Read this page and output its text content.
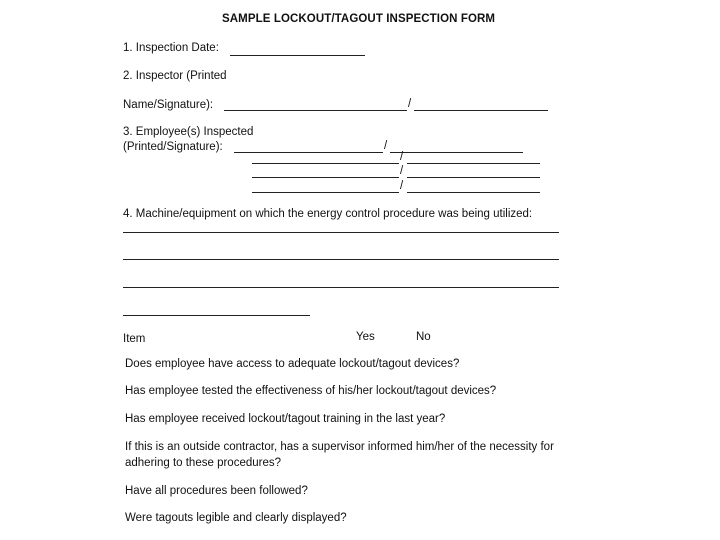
SAMPLE LOCKOUT/TAGOUT INSPECTION FORM
1. Inspection Date:
2. Inspector (Printed
Name/Signature):	/
3. Employee(s) Inspected
(Printed/Signature):	/
/
/
/
4. Machine/equipment on which the energy control procedure was being utilized:
Item	Yes	No
Does employee have access to adequate lockout/tagout devices?
Has employee tested the effectiveness of his/her lockout/tagout devices?
Has employee received lockout/tagout training in the last year?
If this is an outside contractor, has a supervisor informed him/her of the necessity for
adhering to these procedures?
Have all procedures been followed?
Were tagouts legible and clearly displayed?
